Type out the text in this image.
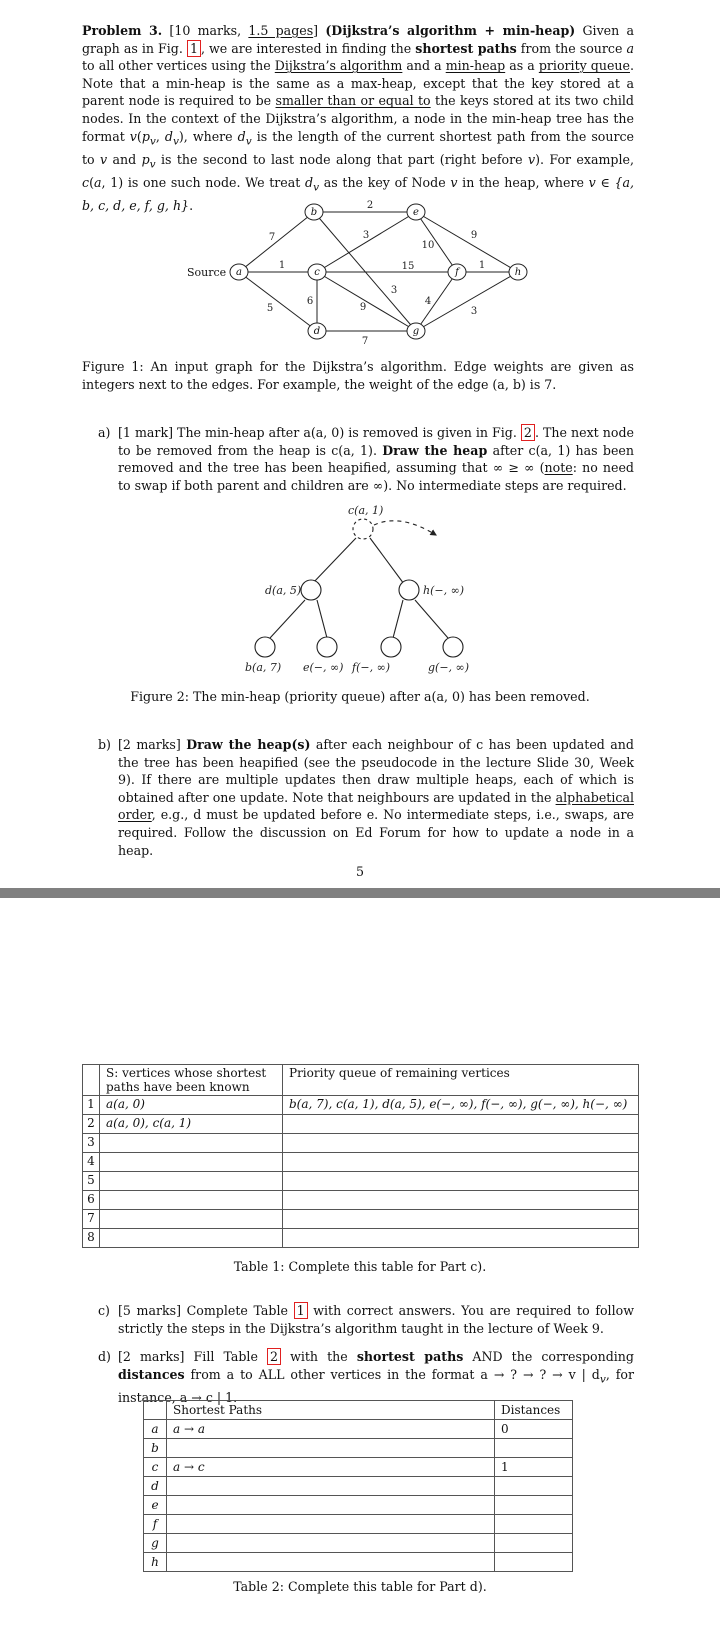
Problem 3. [10 marks, 1.5 pages] (Dijkstra’s algorithm + min-heap) Given a graph as in Fig. 1 , we are interested in finding the shortest paths from the source a to all other vertices using the Dijkstra’s algorithm and a min-heap as a priority queue. Note that a min-heap is the same as a max-heap, except that the key stored at a parent node is required to be smaller than or equal to the keys stored at its two child nodes. In the context of the Dijkstra’s algorithm, a node in the min-heap tree has the format $v(p_v$, $d_v$), where $d_v$ is the length of the current shortest path from the source to v and $p_v$ is the second to last node along that part (right before v). For example, c(a, 1) is one such node. We treat $d_v$ as the key of Node v in the heap, where v ∈ {a, b, c, d, e, f, g, h}.
7
1
5
2
3
15
6
9
3
7
10
9
4
1
3
a
b
c
d
e
f
g
h
Source
Figure 1: An input graph for the Dijkstra’s algorithm. Edge weights are given as integers next to the edges. For example, the weight of the edge (a, b) is 7.
a) [1 mark] The min-heap after a(a, 0) is removed is given in Fig. 2 . The next node to be removed from the heap is c(a, 1). Draw the heap after c(a, 1) has been removed and the tree has been heapified, assuming that ∞ ≥ ∞ (note: no need to swap if both parent and children are ∞). No intermediate steps are required.
c(a, 1)
d(a, 5)	h(−, ∞)
b(a, 7) e(−, ∞) f(−, ∞)	g(−, ∞)
Figure 2: The min-heap (priority queue) after a(a, 0) has been removed.
b) [2 marks] Draw the heap(s) after each neighbour of c has been updated and the tree has been heapified (see the pseudocode in the lecture Slide 30, Week 9). If there are multiple updates then draw multiple heaps, each of which is obtained after one update. Note that neighbours are updated in the alphabetical order, e.g., d must be updated before e. No intermediate steps, i.e., swaps, are required. Follow the discussion on Ed Forum for how to update a node in a heap.
5
	S: vertices whose shortest paths have been known	Priority queue of remaining vertices
1	a(a, 0)	b(a, 7), c(a, 1), d(a, 5), e(−, ∞), f(−, ∞), g(−, ∞), h(−, ∞)
2	a(a, 0), c(a, 1)	
3		
4		
5		
6		
7		
8		
Table 1: Complete this table for Part c).
c) [5 marks] Complete Table 1 with correct answers. You are required to follow strictly the steps in the Dijkstra’s algorithm taught in the lecture of Week 9.
d) [2 marks] Fill Table 2 with the shortest paths AND the corresponding distances from a to ALL other vertices in the format a → ? → ? → v | $d_v$, for instance, a → c | 1.
	Shortest Paths	Distances
a	a → a	0
b		
c	a → c	1
d		
e		
f		
g		
h		
Table 2: Complete this table for Part d).
